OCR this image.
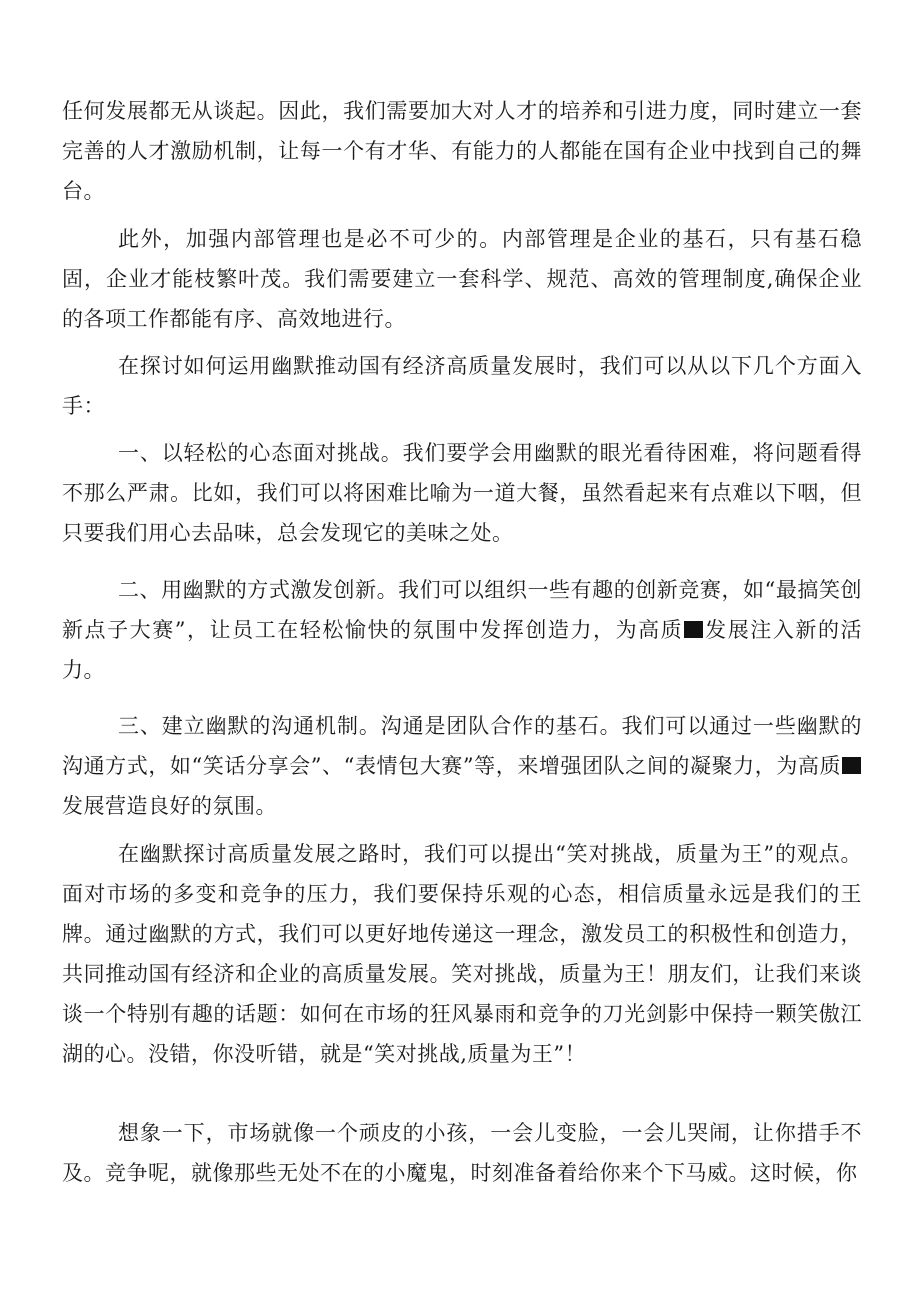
任何发展都无从谈起。因此，我们需要加大对人才的培养和引进力度，同时建立一套完善的人才激励机制，让每一个有才华、有能力的人都能在国有企业中找到自己的舞台。

此外，加强内部管理也是必不可少的。内部管理是企业的基石，只有基石稳固，企业才能枝繁叶茂。我们需要建立一套科学、规范、高效的管理制度,确保企业的各项工作都能有序、高效地进行。

在探讨如何运用幽默推动国有经济高质量发展时，我们可以从以下几个方面入手：

一、以轻松的心态面对挑战。我们要学会用幽默的眼光看待困难，将问题看得不那么严肃。比如，我们可以将困难比喻为一道大餐，虽然看起来有点难以下咽，但只要我们用心去品味，总会发现它的美味之处。

二、用幽默的方式激发创新。我们可以组织一些有趣的创新竞赛，如“最搞笑创新点子大赛”，让员工在轻松愉快的氛围中发挥创造力，为高质 发展注入新的活力。

三、建立幽默的沟通机制。沟通是团队合作的基石。我们可以通过一些幽默的沟通方式，如“笑话分享会”、“表情包大赛”等，来增强团队之间的凝聚力，为高质发展营造良好的氛围。

在幽默探讨高质量发展之路时，我们可以提出“笑对挑战，质量为王”的观点。面对市场的多变和竞争的压力，我们要保持乐观的心态，相信质量永远是我们的王牌。通过幽默的方式，我们可以更好地传递这一理念，激发员工的积极性和创造力，共同推动国有经济和企业的高质量发展。笑对挑战，质量为王！朋友们，让我们来谈谈一个特别有趣的话题：如何在市场的狂风暴雨和竞争的刀光剑影中保持一颗笑傲江湖的心。没错，你没听错，就是“笑对挑战,质量为王”！

想象一下，市场就像一个顽皮的小孩，一会儿变脸，一会儿哭闹，让你措手不及。竞争呢，就像那些无处不在的小魔鬼，时刻准备着给你来个下马威。这时候，你
